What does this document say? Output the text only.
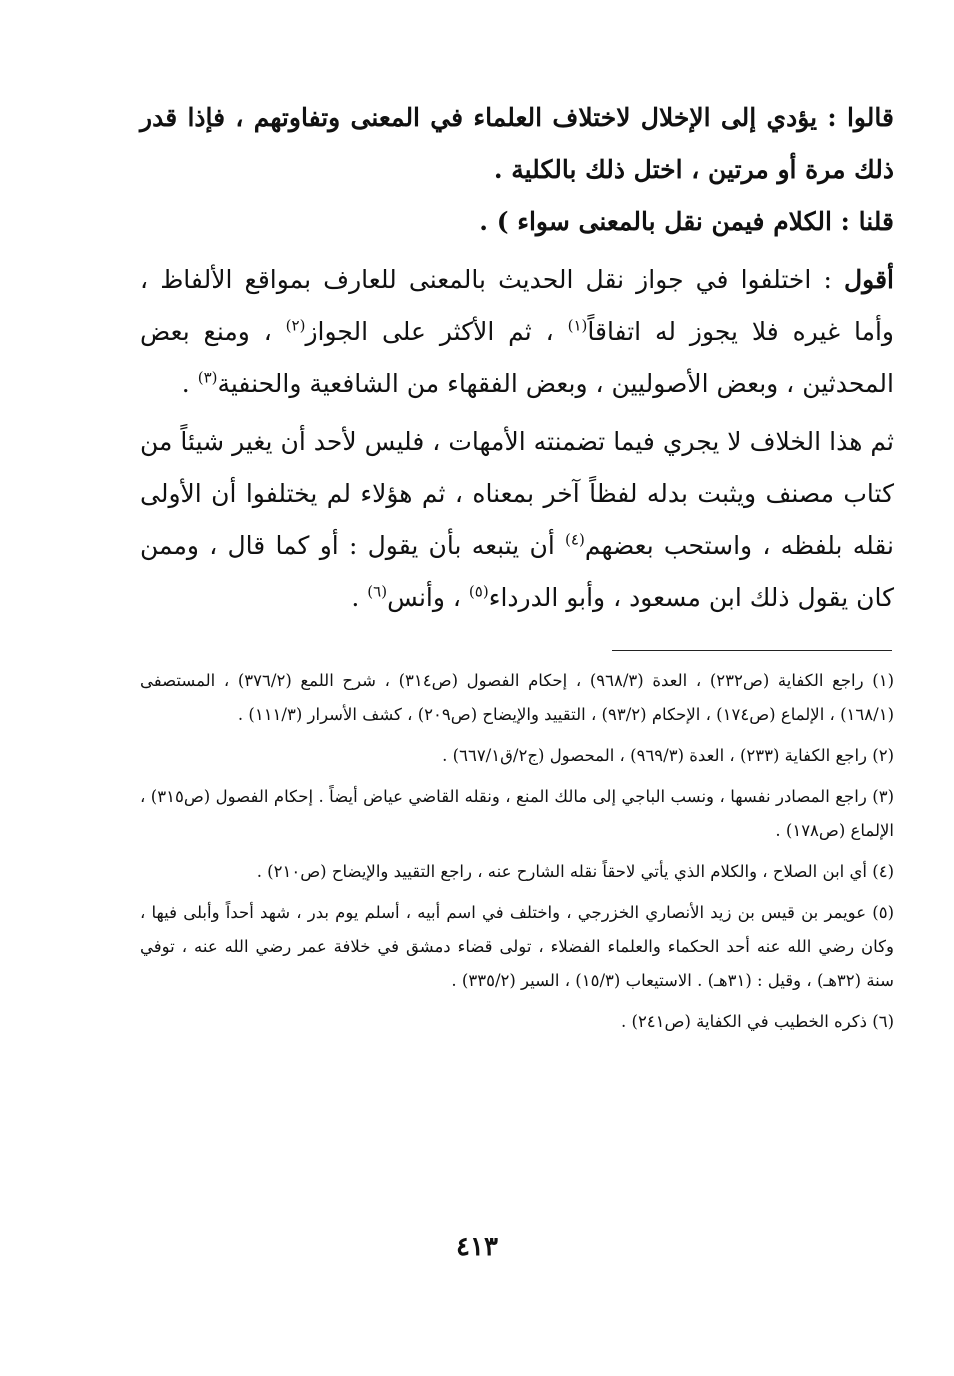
قالوا : يؤدي إلى الإخلال لاختلاف العلماء في المعنى وتفاوتهم ، فإذا قدر ذلك مرة أو مرتين ، اختل ذلك بالكلية .

قلنا : الكلام فيمن نقل بالمعنى سواء ) .

أقول : اختلفوا في جواز نقل الحديث بالمعنى للعارف بمواقع الألفاظ ، وأما غيره فلا يجوز له اتفاقاً$^{(١)}$ ، ثم الأكثر على الجواز$^{(٢)}$ ، ومنع بعض المحدثين ، وبعض الأصوليين ، وبعض الفقهاء من الشافعية والحنفية$^{(٣)}$ .

ثم هذا الخلاف لا يجري فيما تضمنته الأمهات ، فليس لأحد أن يغير شيئاً من كتاب مصنف ويثبت بدله لفظاً آخر بمعناه ، ثم هؤلاء لم يختلفوا أن الأولى نقله بلفظه ، واستحب بعضهم$^{(٤)}$ أن يتبعه بأن يقول : أو كما قال ، وممن كان يقول ذلك ابن مسعود ، وأبو الدرداء$^{(٥)}$ ، وأنس$^{(٦)}$ .

(١) راجع الكفاية (ص٢٣٢) ، العدة (٩٦٨/٣) ، إحكام الفصول (ص٣١٤) ، شرح اللمع (٣٧٦/٢) ، المستصفى (١٦٨/١) ، الإلماع (ص١٧٤) ، الإحكام (٩٣/٢) ، التقييد والإيضاح (ص٢٠٩) ، كشف الأسرار (١١١/٣) .

(٢) راجع الكفاية (٢٣٣) ، العدة (٩٦٩/٣) ، المحصول (ج٢/ق٦٦٧/١) .

(٣) راجع المصادر نفسها ، ونسب الباجي إلى مالك المنع ، ونقله القاضي عياض أيضاً . إحكام الفصول (ص٣١٥) ، الإلماع (ص١٧٨) .

(٤) أي ابن الصلاح ، والكلام الذي يأتي لاحقاً نقله الشارح عنه ، راجع التقييد والإيضاح (ص٢١٠) .

(٥) عويمر بن قيس بن زيد الأنصاري الخزرجي ، واختلف في اسم أبيه ، أسلم يوم بدر ، شهد أحداً وأبلى فيها ، وكان رضي الله عنه أحد الحكماء والعلماء الفضلاء ، تولى قضاء دمشق في خلافة عمر رضي الله عنه ، توفي سنة (٣٢هـ) ، وقيل : (٣١هـ) . الاستيعاب (١٥/٣) ، السير (٣٣٥/٢) .

(٦) ذكره الخطيب في الكفاية (ص٢٤١) .

٤١٣
